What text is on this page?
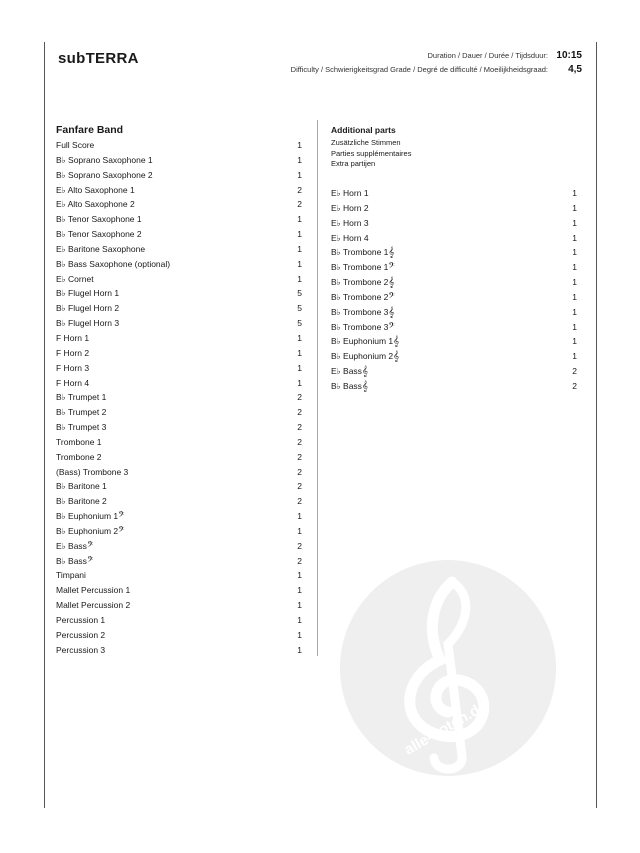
subTERRA	Duration / Dauer / Durée / Tijdsduur: 10:15
Difficulty / Schwierigkeitsgrad Grade / Degré de difficulté / Moeilijkheidsgraad: 4,5
Fanfare Band
Full Score	1
B♭ Soprano Saxophone 1	1
B♭ Soprano Saxophone 2	1
E♭ Alto Saxophone 1	2
E♭ Alto Saxophone 2	2
B♭ Tenor Saxophone 1	1
B♭ Tenor Saxophone 2	1
E♭ Baritone Saxophone	1
B♭ Bass Saxophone (optional)	1
E♭ Cornet	1
B♭ Flugel Horn 1	5
B♭ Flugel Horn 2	5
B♭ Flugel Horn 3	5
F Horn 1	1
F Horn 2	1
F Horn 3	1
F Horn 4	1
B♭ Trumpet 1	2
B♭ Trumpet 2	2
B♭ Trumpet 3	2
Trombone 1	2
Trombone 2	2
(Bass) Trombone 3	2
B♭ Baritone 1	2
B♭ Baritone 2	2
B♭ Euphonium 1𝄢	1
B♭ Euphonium 2𝄢	1
E♭ Bass𝄢	2
B♭ Bass𝄢	2
Timpani	1
Mallet Percussion 1	1
Mallet Percussion 2	1
Percussion 1	1
Percussion 2	1
Percussion 3	1
Additional parts
Zusätzliche Stimmen
Parties supplémentaires
Extra partijen
E♭ Horn 1	1
E♭ Horn 2	1
E♭ Horn 3	1
E♭ Horn 4	1
B♭ Trombone 1𝄞	1
B♭ Trombone 1𝄢	1
B♭ Trombone 2𝄞	1
B♭ Trombone 2𝄢	1
B♭ Trombone 3𝄞	1
B♭ Trombone 3𝄢	1
B♭ Euphonium 1𝄞	1
B♭ Euphonium 2𝄞	1
E♭ Bass𝄞	2
B♭ Bass𝄞	2
alle-noten.de
